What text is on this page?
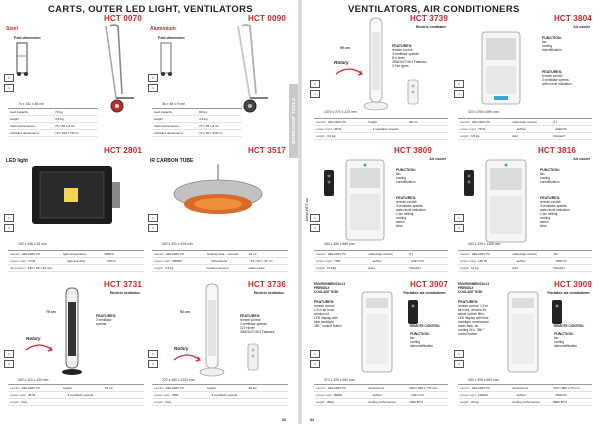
CARTS, OUTER LED LIGHT, VENTILATORS
HCT 0070
Steel
Fold dimension
2
1
70 x 102 x 85 cm
load capacity	70 kg
weight	4,8 kg
folded dimensions	70 x 66 x 8 cm
unfolded dimensions	70 x 102 x 78 cm
HCT 0090
Aluminium
Fold dimension
2
1
36 x 48 x 9 mm
load capacity	90 kg
weight	4,9 kg
folded dimensions	70 x 49 x 8 cm
unfolded dimensions	70 x 49 x 105 cm
HCT 2801
LED light
2
1
140 x 196 x 35 mm
electric 220-240V Hz	light temperature	6500 K
power input 10 W	light intensity	700 lm
dimensions 130 x 96 x 34 mm
HCT 3517
IR CARBON TUBE
2
1
600 x 291 x 415 mm
electric 220-240V Hz	heating area - covered	15 m²
power input 2000W	dimensions	61 x 61 x 31 cm
weight 2,4 kg	heating element	carbon tube
HCT 3731
Electric ventilator
79 cm
Rotary
FEATURES:
3 ventilator
speeds
2
1
620 x 110 x 130 mm
electric 220-240V Hz	height	79 cm
power input 45 W	3 ventilator speeds
weight 3 kg
HCT 3736
Electric ventilator
92 cm
Rotary
FEATURES:
remote control
3 ventilator speeds
12 H timer
30W/3x70 W/3 Features
2
1
270 x 280 x 1220 mm
electric 220-240V Hz	height	92 cm
power input 45W	3 ventilator speeds
weight 3 kg
83
VENTILATORS, AIR CONDITIONERS
WORKSHOP TOOLS
www.HCT.cz
HCT 3739
Electric ventilator
99 cm
Rotary
FEATURES:
remote control
3 ventilator speeds
8 H timer
30W/2x70 W/3 Features
3 Fan types
2
1
1070 x 270 x 220 mm
electric 220-240V Hz	height	99 cm
power input 45 W	3 ventilator speeds
weight 3,2 kg
HCT 3804
Air cooler
FUNCTION:
fan
cooling
humidification
FEATURES:
remote control
3 ventilator speeds
water level indication
2
1
320 x 295 x 690 mm
electric 220-240V Hz	waterheat volume	6 l
power input 75 W	airflow	232m³/h
weight 6,5 kg	dust	Climate?
HCT 3809
Air cooler
FUNCTION:
fan
cooling
humidification
FEATURES:
remote control
3 ventilator speeds
water level indication
2 fan setting
cooling
action
timer
2
1
380 x 380 x 860 mm
electric 220-240V Hz	waterheat volume	8 l
power input 75W	airflow	232 m³/h
weight 11,5kg	class	Climate?
HCT 3816
Air cooler
FUNCTION:
fan
cooling
humidification
FEATURES:
remote control
3 ventilator speeds
water level indication
2 fan setting
cooling
action
timer
2
1
400 x 330 x 1150 mm
electric 220-240V Hz	waterheat volume	16 l
power input 140 W	airflow	750m³/h
weight 14 kg	dust	Climate?
HCT 3907
Portable air conditioner
ENVIRONMENTALLY
FRIENDLY
COOLANT R290
FEATURES:
remote control,
1,5 m air hose,
window kit,
LED display with
blue backlight,
360 ° control button	REMOTE CONTROL
FUNCTION:
fan
cooling
dehumidification
2
1
370 x 320 x 650 mm
electric 220-240V Hz	dimensions	290 x 298 x 770 mm
power input 800W	airflow	240 m³/h
weight 20kg	cooling performance	7000 BTU
HCT 3909
Portable air conditioner
ENVIRONMENTALLY
FRIENDLY
COOLANT R290
FEATURES:
remote control, 1,5 m
air hose, window kit,
active carbon filter,
LED display with blue
backlight, mechanical
water-tank, air-
cooling 24 h, 360 °
control button
REMOTE CONTROL
FUNCTION:
fan
cooling
dehumidification
2
1
350 x 390 x 690 mm
electric 220-240V Hz	dimensions	370 x 802 x 79 mm
power input 1000W	airflow	350m³/h
weight 22 kg	cooling performance	9000 BTU
84
